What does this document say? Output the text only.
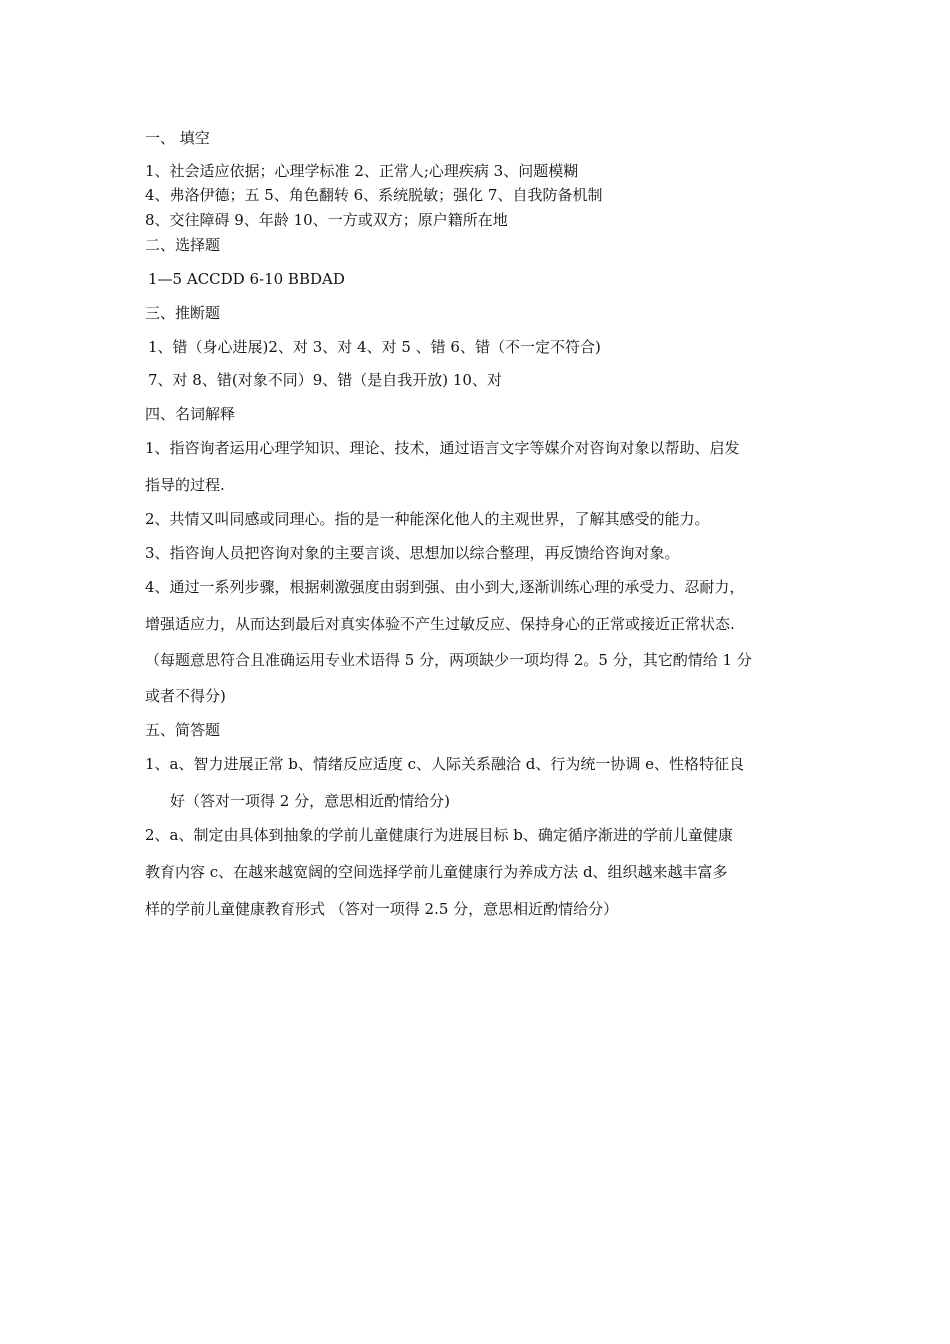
一、 填空
1、社会适应依据；心理学标准 2、正常人;心理疾病 3、问题模糊
4、弗洛伊德；五 5、角色翻转 6、系统脱敏；强化 7、自我防备机制
8、交往障碍 9、年龄 10、一方或双方；原户籍所在地
二、选择题
1—5 ACCDD 6-10 BBDAD
三、推断题
1、错（身心进展)2、对 3、对 4、对 5 、错 6、错（不一定不符合)
7、对 8、错(对象不同）9、错（是自我开放) 10、对
四、名词解释
1、指咨询者运用心理学知识、理论、技术，通过语言文字等媒介对咨询对象以帮助、启发
指导的过程.
2、共情又叫同感或同理心。指的是一种能深化他人的主观世界，了解其感受的能力。
3、指咨询人员把咨询对象的主要言谈、思想加以综合整理，再反馈给咨询对象。
4、通过一系列步骤，根据刺激强度由弱到强、由小到大,逐渐训练心理的承受力、忍耐力，
增强适应力，从而达到最后对真实体验不产生过敏反应、保持身心的正常或接近正常状态.
（每题意思符合且准确运用专业术语得 5 分，两项缺少一项均得 2。5 分，其它酌情给 1 分
或者不得分)
五、简答题
1、a、智力进展正常 b、情绪反应适度 c、人际关系融洽 d、行为统一协调 e、性格特征良
好（答对一项得 2 分，意思相近酌情给分)
2、a、制定由具体到抽象的学前儿童健康行为进展目标 b、确定循序渐进的学前儿童健康
教育内容 c、在越来越宽阔的空间选择学前儿童健康行为养成方法 d、组织越来越丰富多
样的学前儿童健康教育形式 （答对一项得 2.5 分，意思相近酌情给分）
